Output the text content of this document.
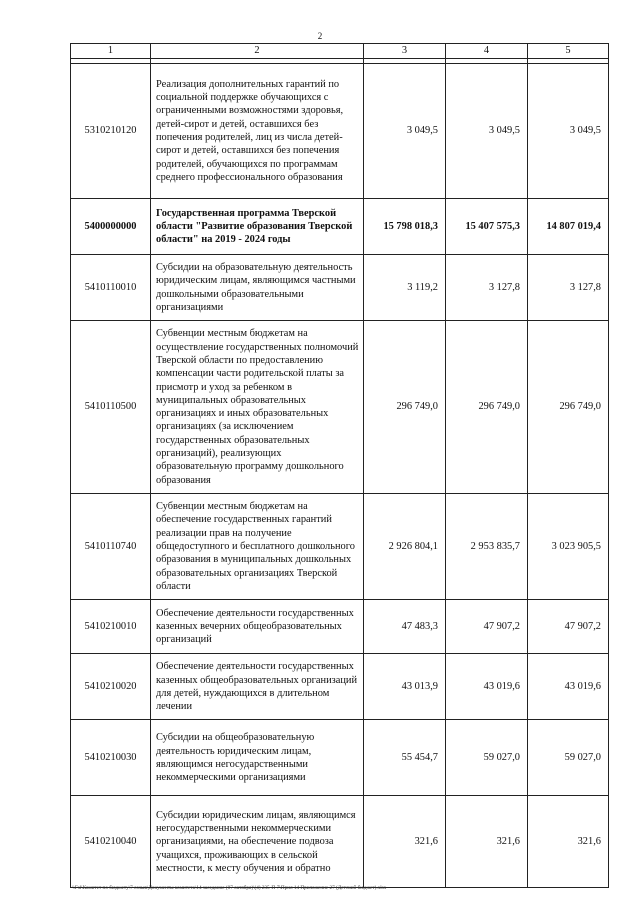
2
1	2	3	4	5

5310210120	Реализация дополнительных гарантий по социальной поддержке обучающихся с ограниченными возможностями здоровья, детей-сирот и детей, оставшихся без попечения родителей, лиц из числа детей-сирот и детей, оставшихся без попечения родителей, обучающихся по программам среднего профессионального образования	3 049,5	3 049,5	3 049,5
5400000000	Государственная программа Тверской области "Развитие образования Тверской области" на 2019 - 2024 годы	15 798 018,3	15 407 575,3	14 807 019,4
5410110010	Субсидии на образовательную деятельность юридическим лицам, являющимся частными дошкольными образовательными организациями	3 119,2	3 127,8	3 127,8
5410110500	Субвенции местным бюджетам на осуществление государственных полномочий Тверской области по предоставлению компенсации части родительской платы за присмотр и уход за ребенком в муниципальных образовательных организациях и иных образовательных организациях (за исключением государственных образовательных организаций), реализующих образовательную программу дошкольного образования	296 749,0	296 749,0	296 749,0
5410110740	Субвенции местным бюджетам на обеспечение государственных гарантий реализации прав на получение общедоступного и бесплатного дошкольного образования в муниципальных дошкольных образовательных организациях Тверской области	2 926 804,1	2 953 835,7	3 023 905,5
5410210010	Обеспечение деятельности государственных казенных вечерних общеобразовательных организаций	47 483,3	47 907,2	47 907,2
5410210020	Обеспечение деятельности государственных казенных общеобразовательных организаций для детей, нуждающихся в длительном лечении	43 013,9	43 019,6	43 019,6
5410210030	Субсидии на общеобразовательную деятельность юридическим лицам, являющимся негосударственными некоммерческими организациями	55 454,7	59 027,0	59 027,0
5410210040	Субсидии юридическим лицам, являющимся негосударственными некоммерческими организациями, на обеспечение подвоза учащихся, проживающих в сельской местности, к месту обучения и обратно	321,6	321,6	321,6
\\Fsl\Комитет по бюджету\7 созыв\Документы комитета\14 заседание (07 октября)\(4) 235-П-7\Прил 14 Приложение 27 (Детский бюджет).xlsx
